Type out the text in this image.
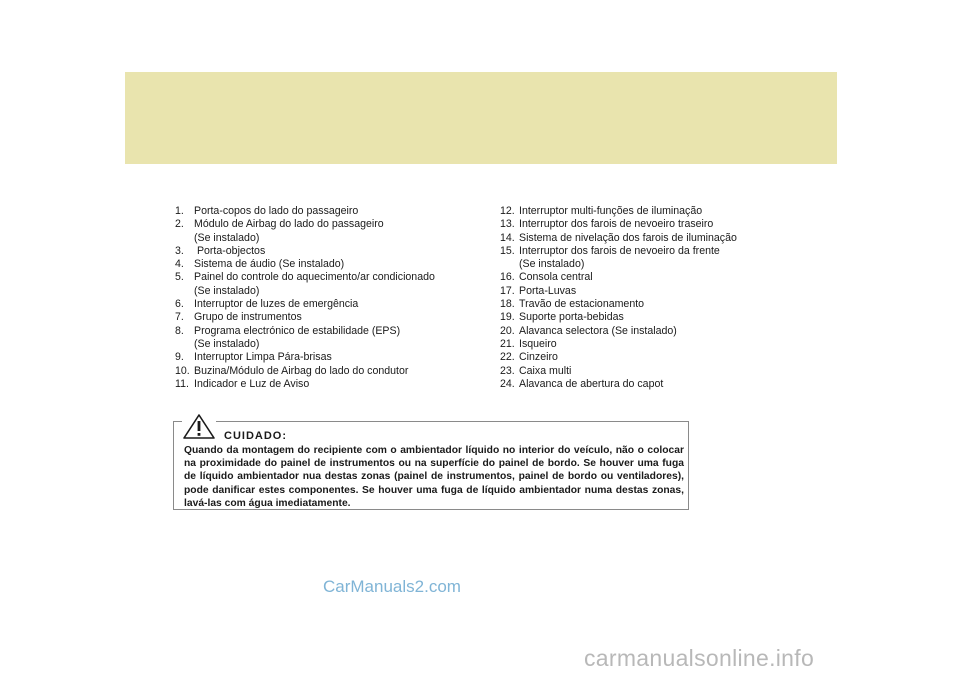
1. Porta-copos do lado do passageiro
2. Módulo de Airbag do lado do passageiro
(Se instalado)
3. Porta-objectos
4. Sistema de áudio (Se instalado)
5. Painel do controle do aquecimento/ar condicionado
(Se instalado)
6. Interruptor de luzes de emergência
7. Grupo de instrumentos
8. Programa electrónico de estabilidade (EPS)
(Se instalado)
9. Interruptor Limpa Pára-brisas
10. Buzina/Módulo de Airbag do lado do condutor
11. Indicador e Luz de Aviso
12. Interruptor multi-funções de iluminação
13. Interruptor dos farois de nevoeiro traseiro
14. Sistema de nivelação dos farois de iluminação
15. Interruptor dos farois de nevoeiro da frente
(Se instalado)
16. Consola central
17. Porta-Luvas
18. Travão de estacionamento
19. Suporte porta-bebidas
20. Alavanca selectora (Se instalado)
21. Isqueiro
22. Cinzeiro
23. Caixa multi
24. Alavanca de abertura do capot
CUIDADO:
Quando da montagem do recipiente com o ambientador líquido no interior do veículo, não o colocar na proximidade do painel de instrumentos ou na superfície do painel de bordo. Se houver uma fuga de líquido ambientador nua destas zonas (painel de instrumentos, painel de bordo ou ventiladores), pode danificar estes componentes. Se houver uma fuga de líquido ambientador numa destas zonas, lavá-las com água imediatamente.
CarManuals2.com
carmanualsonline.info
